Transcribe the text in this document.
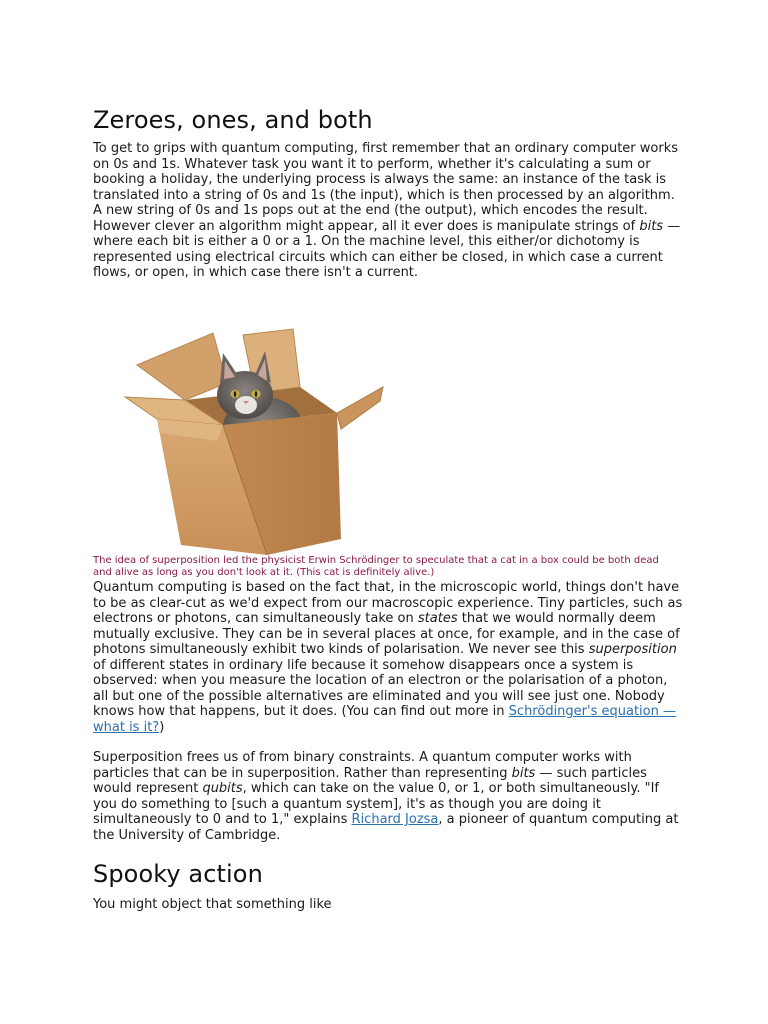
Zeroes, ones, and both

To get to grips with quantum computing, first remember that an ordinary computer works on 0s and 1s. Whatever task you want it to perform, whether it's calculating a sum or booking a holiday, the underlying process is always the same: an instance of the task is translated into a string of 0s and 1s (the input), which is then processed by an algorithm. A new string of 0s and 1s pops out at the end (the output), which encodes the result. However clever an algorithm might appear, all it ever does is manipulate strings of bits — where each bit is either a 0 or a 1. On the machine level, this either/or dichotomy is represented using electrical circuits which can either be closed, in which case a current flows, or open, in which case there isn't a current.

The idea of superposition led the physicist Erwin Schrödinger to speculate that a cat in a box could be both dead and alive as long as you don't look at it. (This cat is definitely alive.)

Quantum computing is based on the fact that, in the microscopic world, things don't have to be as clear-cut as we'd expect from our macroscopic experience. Tiny particles, such as electrons or photons, can simultaneously take on states that we would normally deem mutually exclusive. They can be in several places at once, for example, and in the case of photons simultaneously exhibit two kinds of polarisation. We never see this superposition of different states in ordinary life because it somehow disappears once a system is observed: when you measure the location of an electron or the polarisation of a photon, all but one of the possible alternatives are eliminated and you will see just one. Nobody knows how that happens, but it does. (You can find out more in Schrödinger's equation — what is it?)

Superposition frees us of from binary constraints. A quantum computer works with particles that can be in superposition. Rather than representing bits — such particles would represent qubits, which can take on the value 0, or 1, or both simultaneously. "If you do something to [such a quantum system], it's as though you are doing it simultaneously to 0 and to 1," explains Richard Jozsa, a pioneer of quantum computing at the University of Cambridge.

Spooky action

You might object that something like
